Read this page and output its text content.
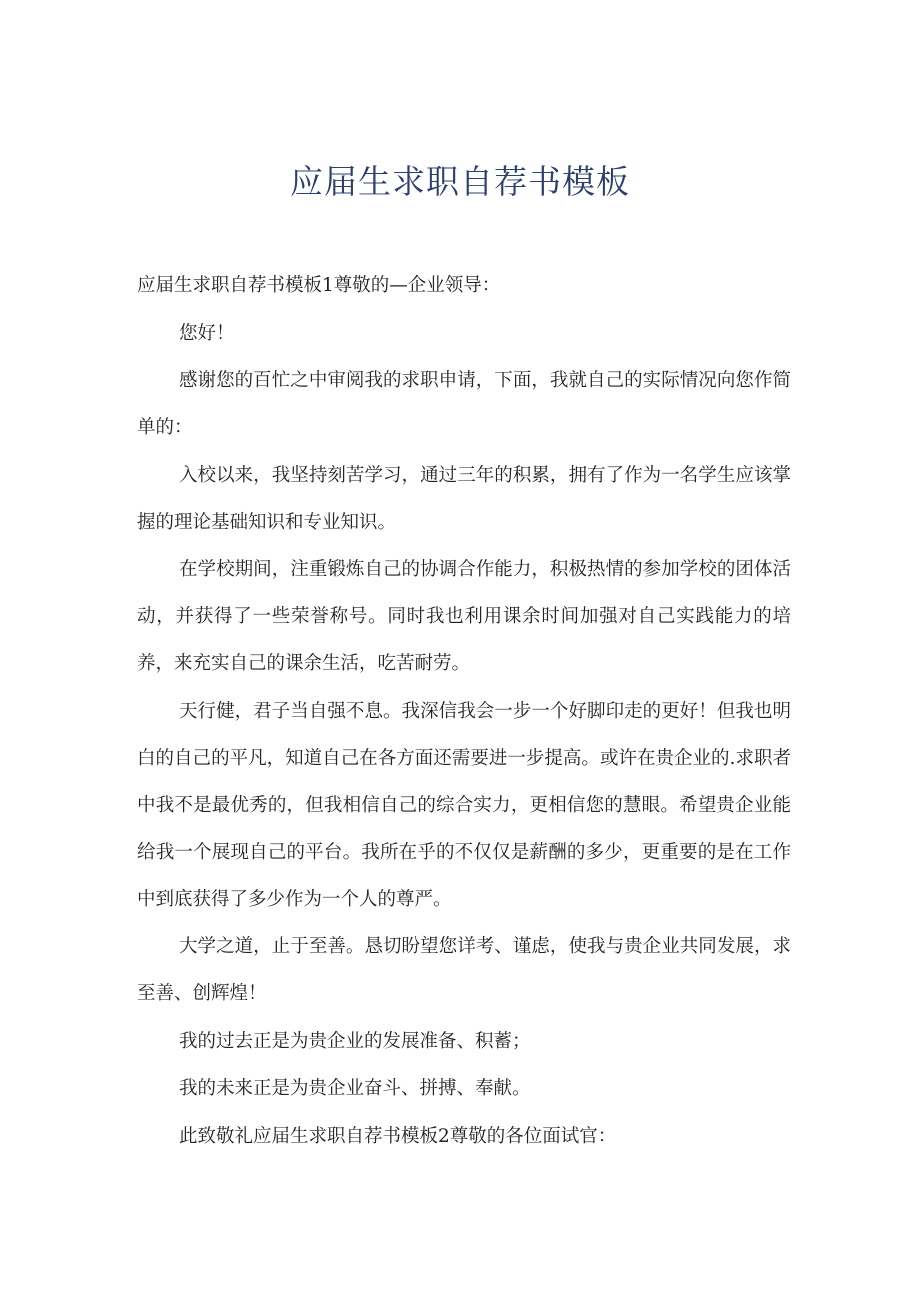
应届生求职自荐书模板

应届生求职自荐书模板1尊敬的—企业领导：

您好！

感谢您的百忙之中审阅我的求职申请，下面，我就自己的实际情况向您作简单的：

入校以来，我坚持刻苦学习，通过三年的积累，拥有了作为一名学生应该掌握的理论基础知识和专业知识。

在学校期间，注重锻炼自己的协调合作能力，积极热情的参加学校的团体活动，并获得了一些荣誉称号。同时我也利用课余时间加强对自己实践能力的培养，来充实自己的课余生活，吃苦耐劳。

天行健，君子当自强不息。我深信我会一步一个好脚印走的更好！但我也明白的自己的平凡，知道自己在各方面还需要进一步提高。或许在贵企业的.求职者中我不是最优秀的，但我相信自己的综合实力，更相信您的慧眼。希望贵企业能给我一个展现自己的平台。我所在乎的不仅仅是薪酬的多少，更重要的是在工作中到底获得了多少作为一个人的尊严。

大学之道，止于至善。恳切盼望您详考、谨虑，使我与贵企业共同发展，求至善、创辉煌！

我的过去正是为贵企业的发展准备、积蓄；

我的未来正是为贵企业奋斗、拼搏、奉献。

此致敬礼应届生求职自荐书模板2尊敬的各位面试官：
